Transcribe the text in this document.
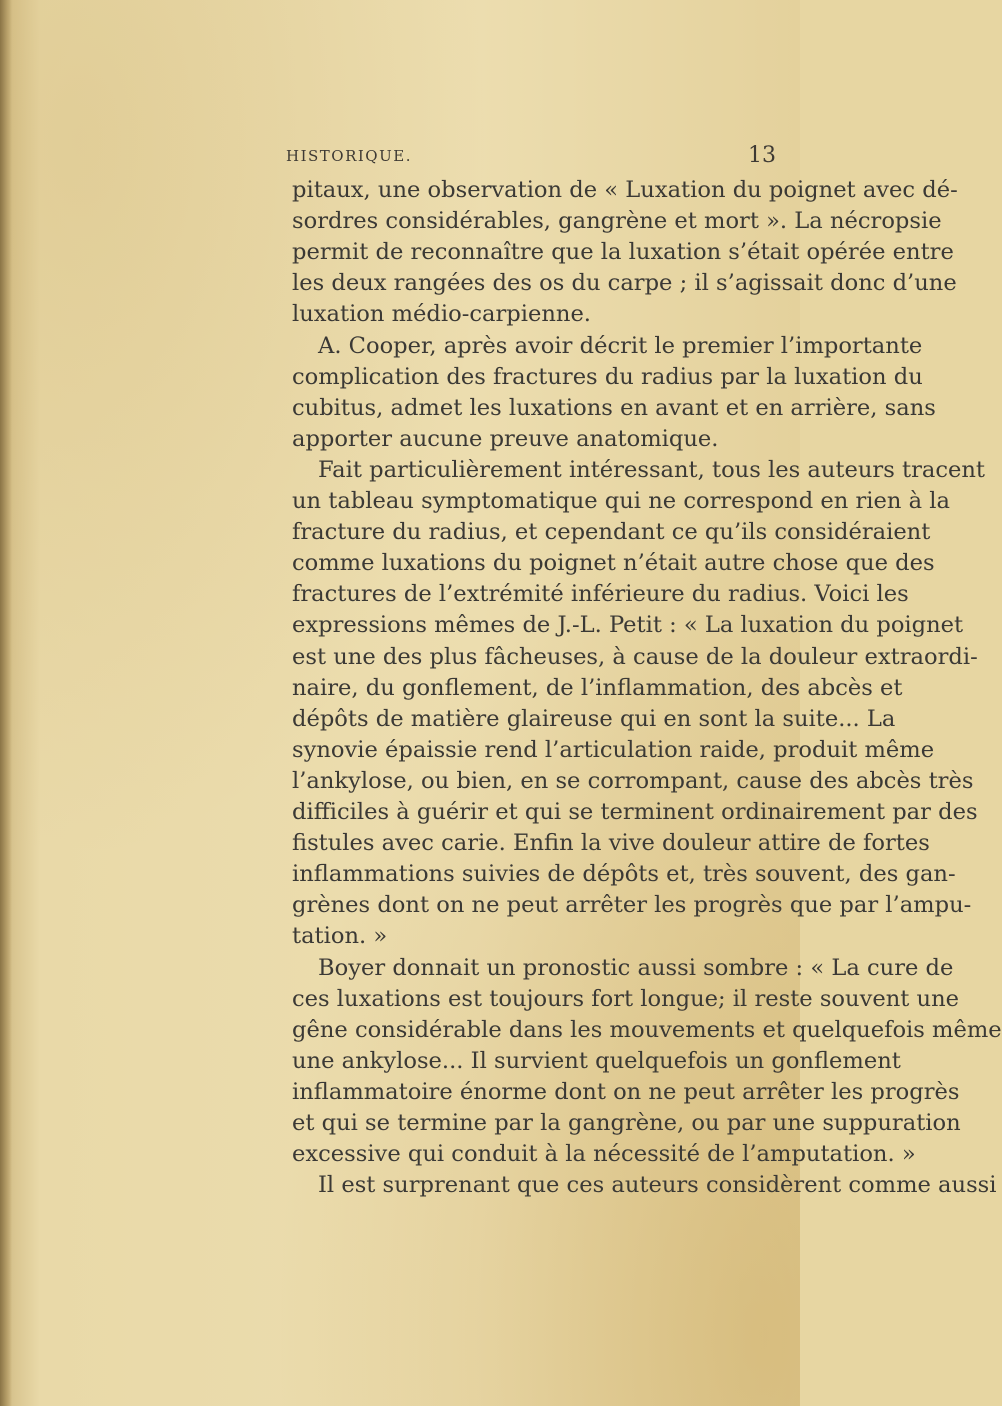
HISTORIQUE.	13
pitaux, une observation de « Luxation du poignet avec dé-
sordres considérables, gangrène et mort ». La nécropsie
permit de reconnaître que la luxation s’était opérée entre
les deux rangées des os du carpe ; il s’agissait donc d’une
luxation médio-carpienne.
A. Cooper, après avoir décrit le premier l’importante
complication des fractures du radius par la luxation du
cubitus, admet les luxations en avant et en arrière, sans
apporter aucune preuve anatomique.
Fait particulièrement intéressant, tous les auteurs tracent
un tableau symptomatique qui ne correspond en rien à la
fracture du radius, et cependant ce qu’ils considéraient
comme luxations du poignet n’était autre chose que des
fractures de l’extrémité inférieure du radius. Voici les
expressions mêmes de J.-L. Petit : « La luxation du poignet
est une des plus fâcheuses, à cause de la douleur extraordi-
naire, du gonflement, de l’inflammation, des abcès et
dépôts de matière glaireuse qui en sont la suite... La
synovie épaissie rend l’articulation raide, produit même
l’ankylose, ou bien, en se corrompant, cause des abcès très
difficiles à guérir et qui se terminent ordinairement par des
fistules avec carie. Enfin la vive douleur attire de fortes
inflammations suivies de dépôts et, très souvent, des gan-
grènes dont on ne peut arrêter les progrès que par l’ampu-
tation. »
Boyer donnait un pronostic aussi sombre : « La cure de
ces luxations est toujours fort longue; il reste souvent une
gêne considérable dans les mouvements et quelquefois même
une ankylose... Il survient quelquefois un gonflement
inflammatoire énorme dont on ne peut arrêter les progrès
et qui se termine par la gangrène, ou par une suppuration
excessive qui conduit à la nécessité de l’amputation. »
Il est surprenant que ces auteurs considèrent comme aussi
